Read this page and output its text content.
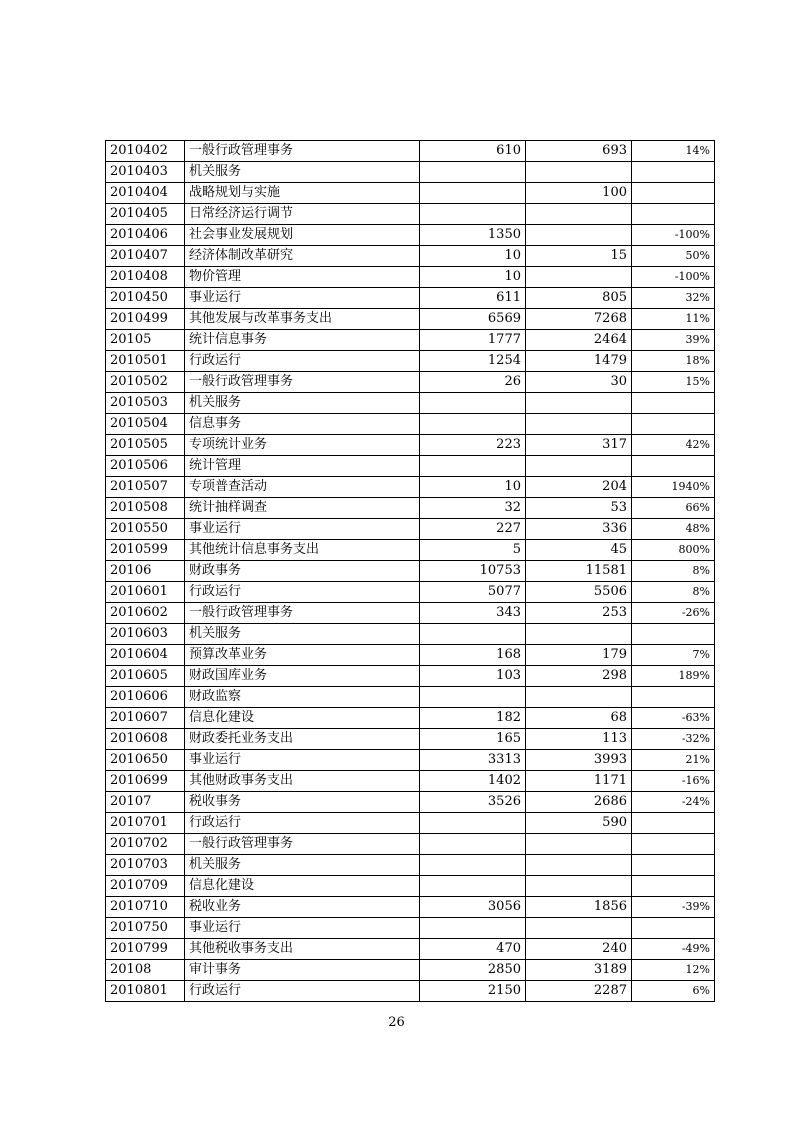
2010402	一般行政管理事务	610	693	14%
2010403	机关服务			
2010404	战略规划与实施		100	
2010405	日常经济运行调节			
2010406	社会事业发展规划	1350		-100%
2010407	经济体制改革研究	10	15	50%
2010408	物价管理	10		-100%
2010450	事业运行	611	805	32%
2010499	其他发展与改革事务支出	6569	7268	11%
20105	统计信息事务	1777	2464	39%
2010501	行政运行	1254	1479	18%
2010502	一般行政管理事务	26	30	15%
2010503	机关服务			
2010504	信息事务			
2010505	专项统计业务	223	317	42%
2010506	统计管理			
2010507	专项普查活动	10	204	1940%
2010508	统计抽样调查	32	53	66%
2010550	事业运行	227	336	48%
2010599	其他统计信息事务支出	5	45	800%
20106	财政事务	10753	11581	8%
2010601	行政运行	5077	5506	8%
2010602	一般行政管理事务	343	253	-26%
2010603	机关服务			
2010604	预算改革业务	168	179	7%
2010605	财政国库业务	103	298	189%
2010606	财政监察			
2010607	信息化建设	182	68	-63%
2010608	财政委托业务支出	165	113	-32%
2010650	事业运行	3313	3993	21%
2010699	其他财政事务支出	1402	1171	-16%
20107	税收事务	3526	2686	-24%
2010701	行政运行		590	
2010702	一般行政管理事务			
2010703	机关服务			
2010709	信息化建设			
2010710	税收业务	3056	1856	-39%
2010750	事业运行			
2010799	其他税收事务支出	470	240	-49%
20108	审计事务	2850	3189	12%
2010801	行政运行	2150	2287	6%
26
